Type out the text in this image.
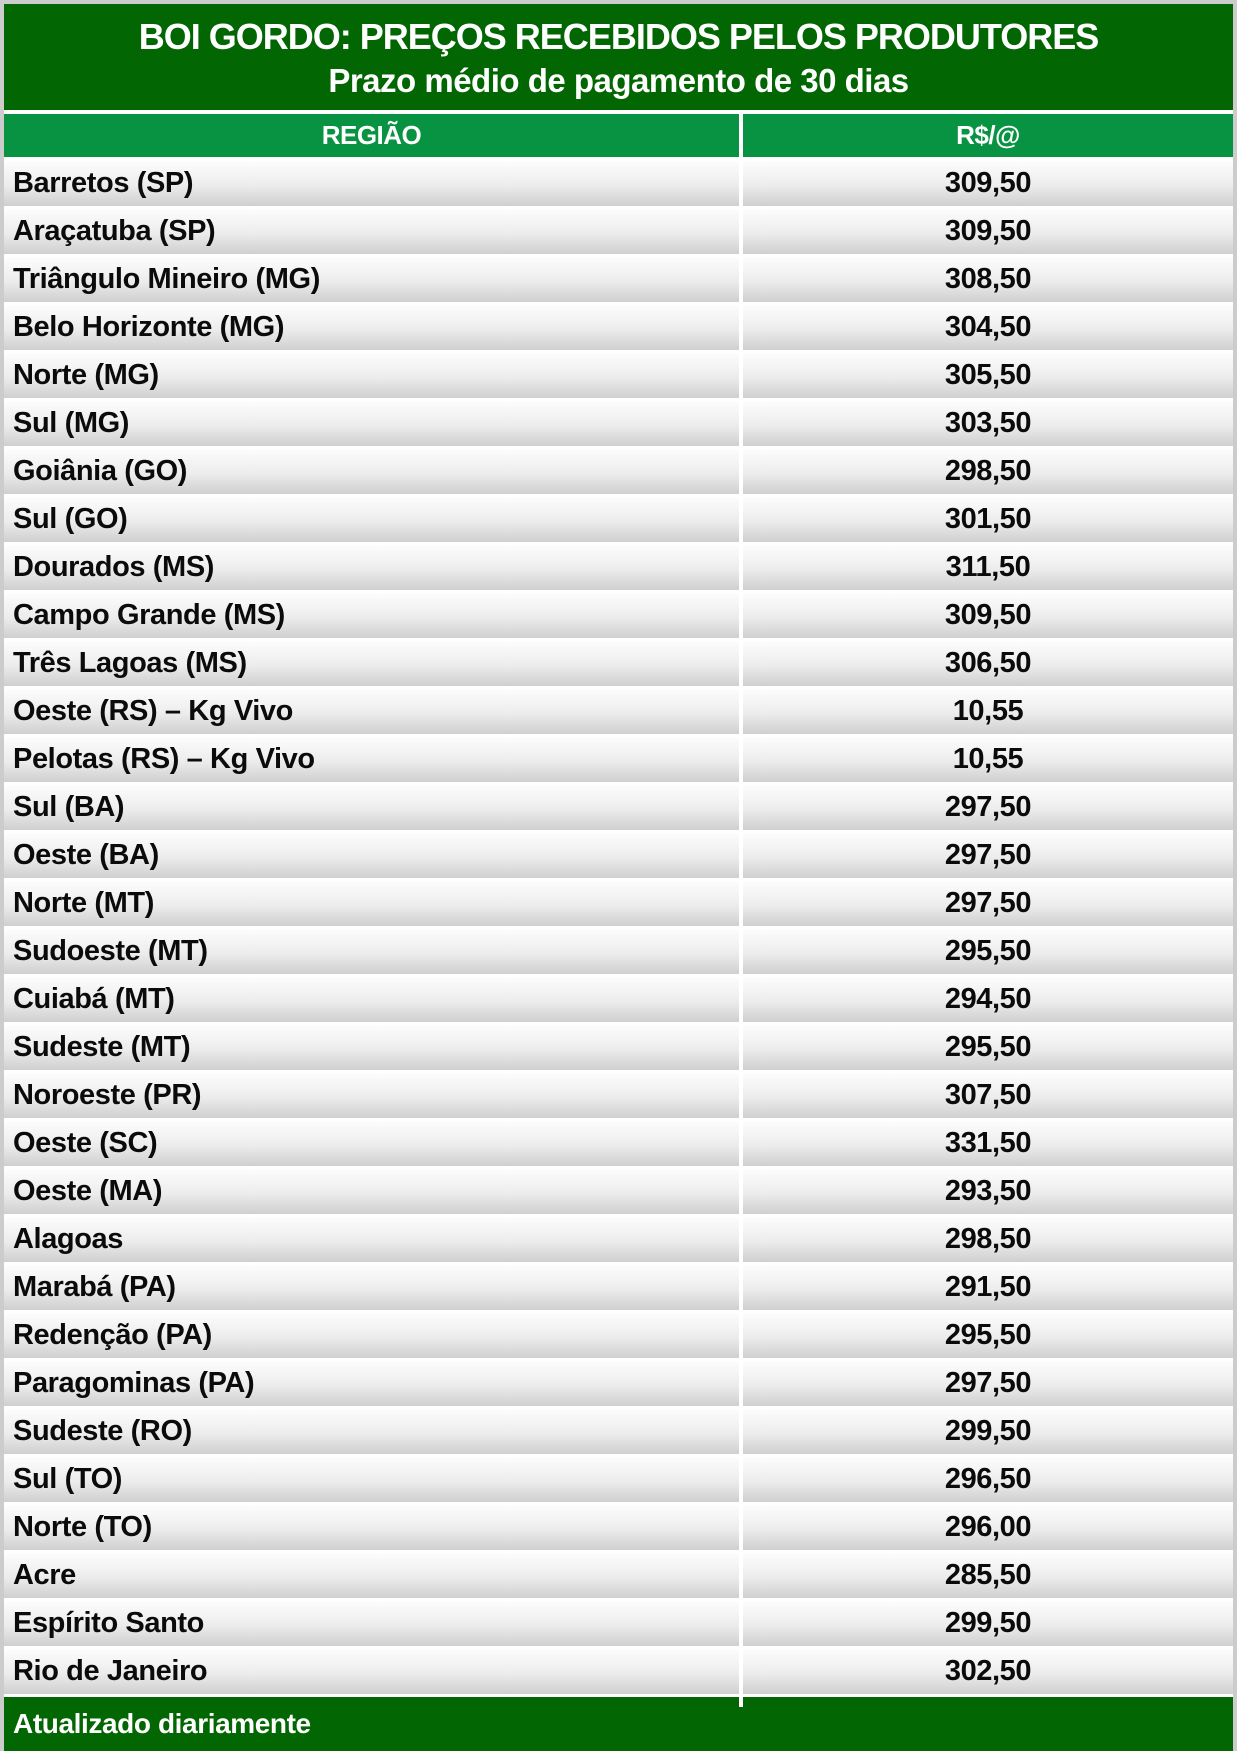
BOI GORDO: PREÇOS RECEBIDOS PELOS PRODUTORES
Prazo médio de pagamento de 30 dias
REGIÃO	R$/@
Barretos (SP)	309,50
Araçatuba (SP)	309,50
Triângulo Mineiro (MG)	308,50
Belo Horizonte (MG)	304,50
Norte (MG)	305,50
Sul (MG)	303,50
Goiânia (GO)	298,50
Sul (GO)	301,50
Dourados (MS)	311,50
Campo Grande (MS)	309,50
Três Lagoas (MS)	306,50
Oeste (RS) – Kg Vivo	10,55
Pelotas (RS) – Kg Vivo	10,55
Sul (BA)	297,50
Oeste (BA)	297,50
Norte (MT)	297,50
Sudoeste (MT)	295,50
Cuiabá (MT)	294,50
Sudeste (MT)	295,50
Noroeste (PR)	307,50
Oeste (SC)	331,50
Oeste (MA)	293,50
Alagoas	298,50
Marabá (PA)	291,50
Redenção (PA)	295,50
Paragominas (PA)	297,50
Sudeste (RO)	299,50
Sul (TO)	296,50
Norte (TO)	296,00
Acre	285,50
Espírito Santo	299,50
Rio de Janeiro	302,50
Atualizado diariamente
